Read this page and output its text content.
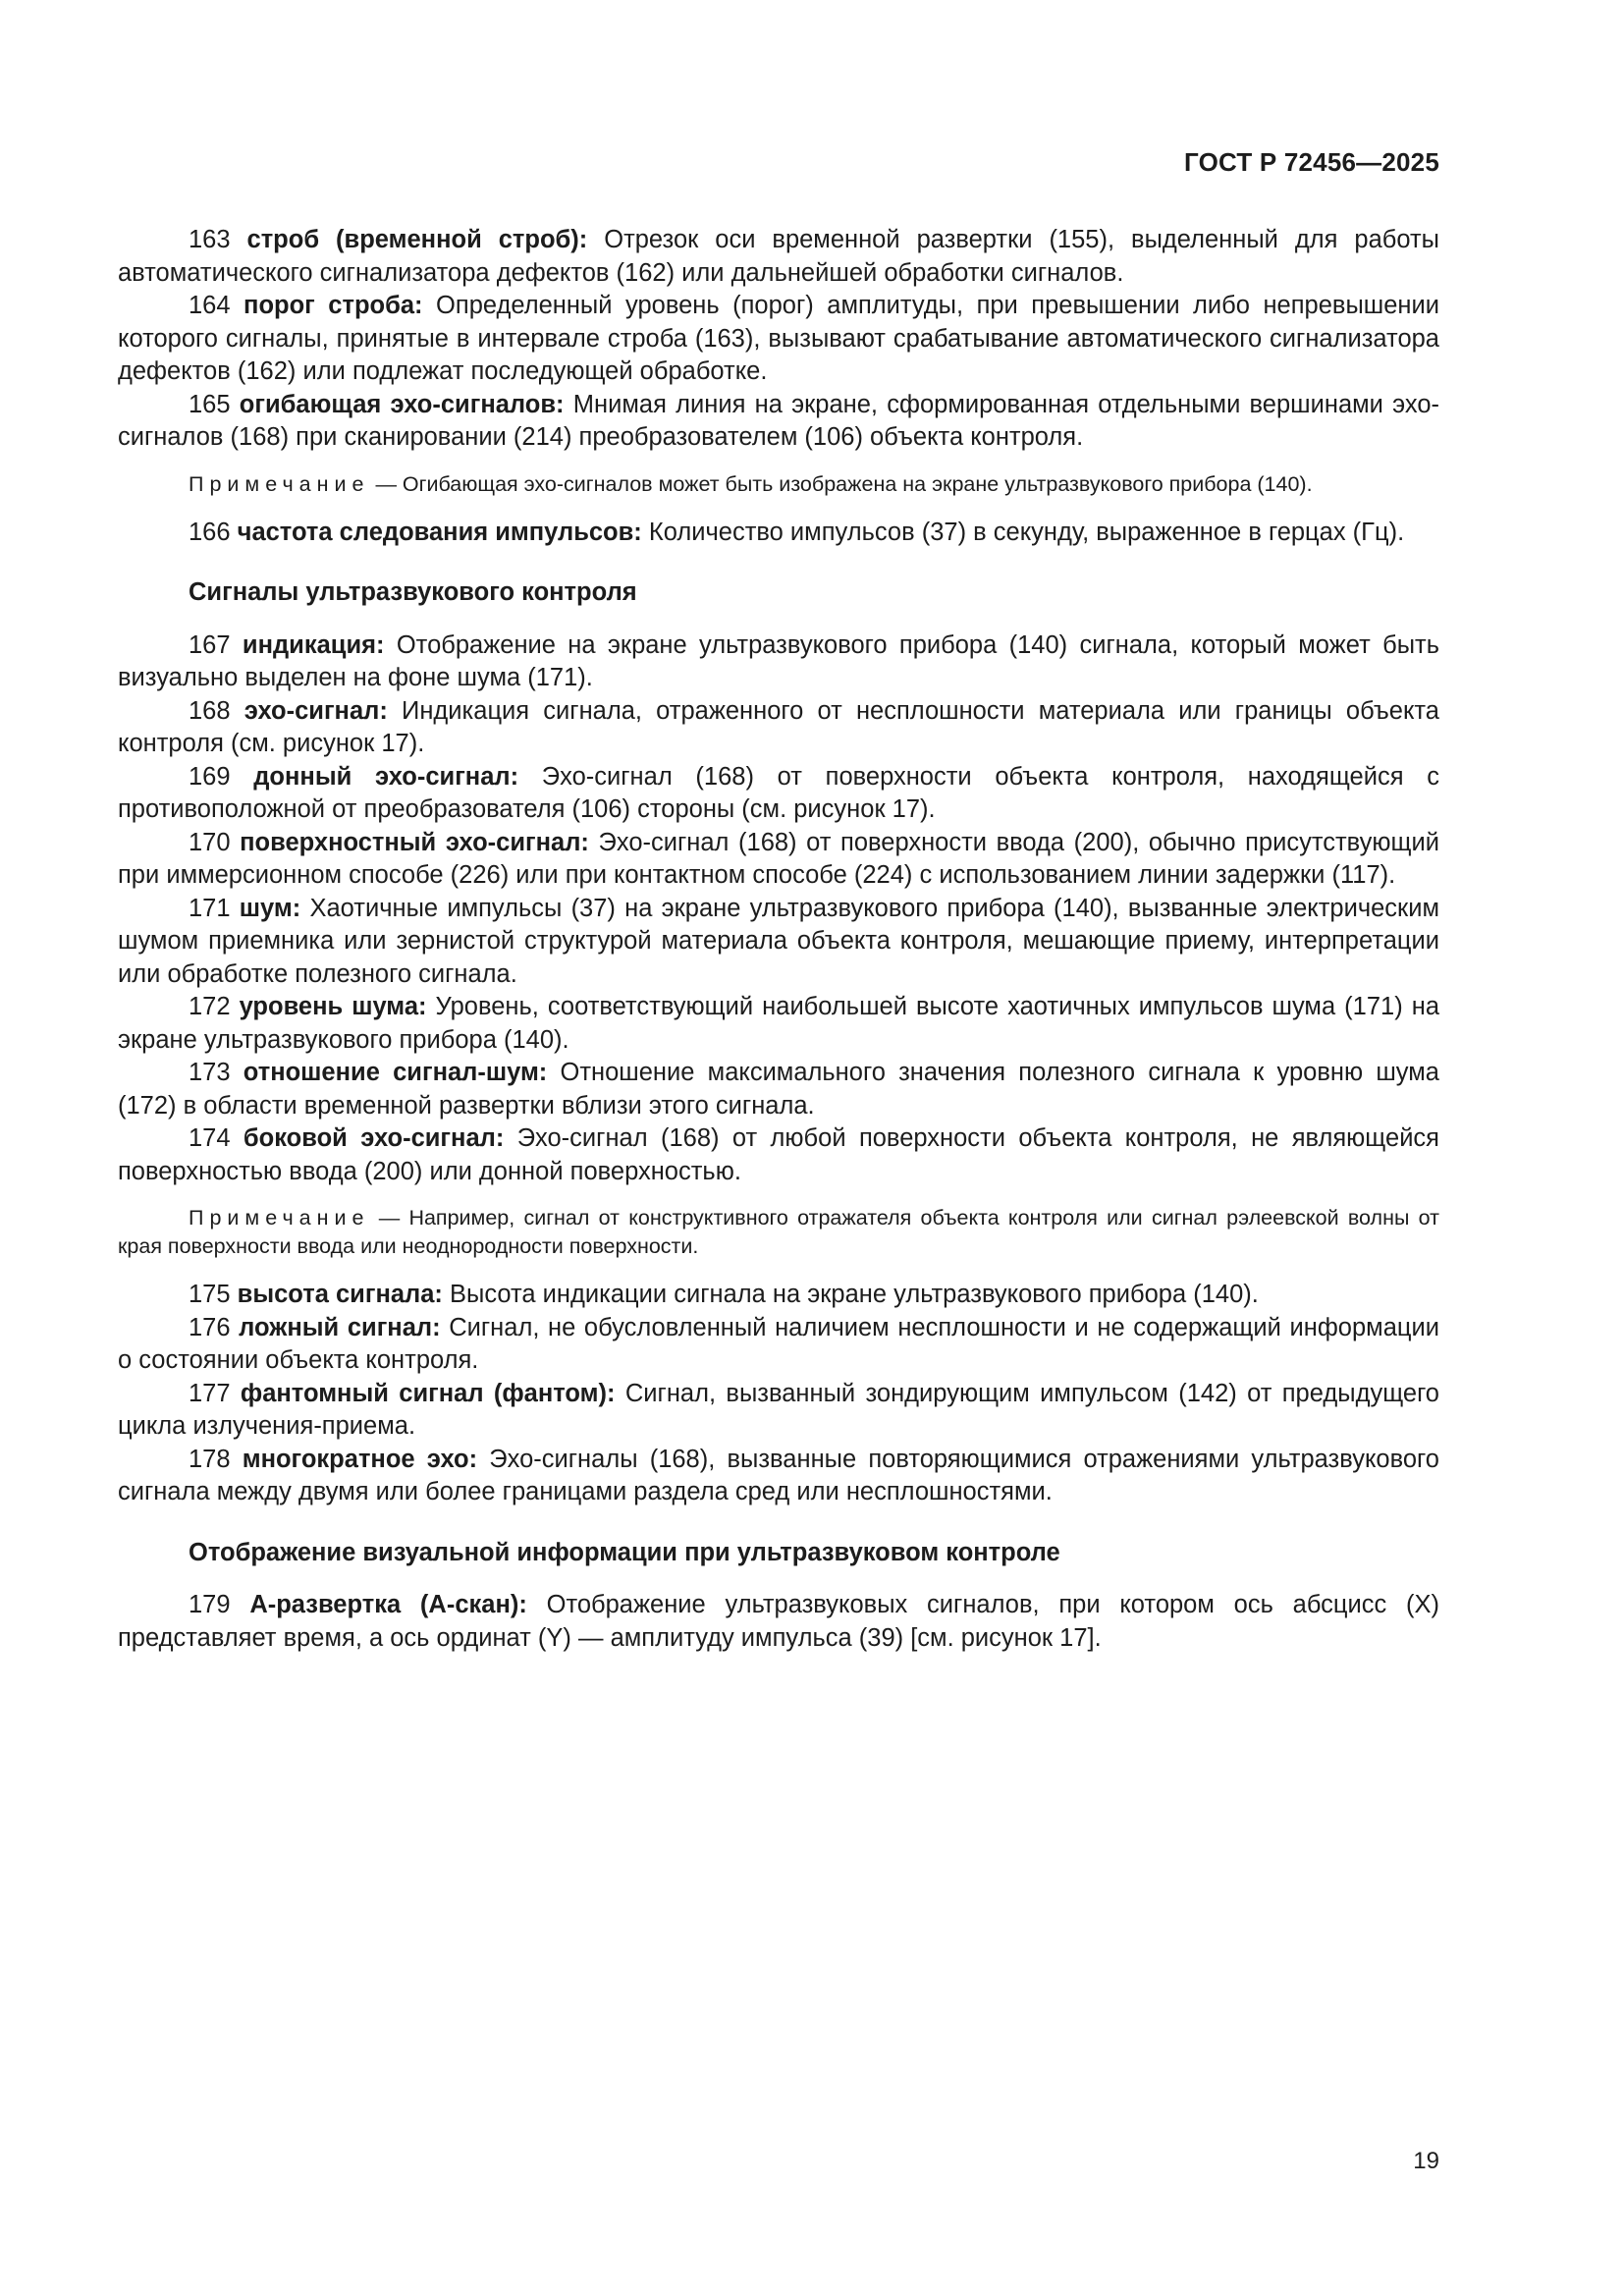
ГОСТ Р 72456—2025

163 строб (временной строб): Отрезок оси временной развертки (155), выделенный для работы автоматического сигнализатора дефектов (162) или дальнейшей обработки сигналов.

164 порог строба: Определенный уровень (порог) амплитуды, при превышении либо непревышении которого сигналы, принятые в интервале строба (163), вызывают срабатывание автоматического сигнализатора дефектов (162) или подлежат последующей обработке.

165 огибающая эхо-сигналов: Мнимая линия на экране, сформированная отдельными вершинами эхо-сигналов (168) при сканировании (214) преобразователем (106) объекта контроля.

Примечание — Огибающая эхо-сигналов может быть изображена на экране ультразвукового прибора (140).

166 частота следования импульсов: Количество импульсов (37) в секунду, выраженное в герцах (Гц).

Сигналы ультразвукового контроля

167 индикация: Отображение на экране ультразвукового прибора (140) сигнала, который может быть визуально выделен на фоне шума (171).

168 эхо-сигнал: Индикация сигнала, отраженного от несплошности материала или границы объекта контроля (см. рисунок 17).

169 донный эхо-сигнал: Эхо-сигнал (168) от поверхности объекта контроля, находящейся с противоположной от преобразователя (106) стороны (см. рисунок 17).

170 поверхностный эхо-сигнал: Эхо-сигнал (168) от поверхности ввода (200), обычно присутствующий при иммерсионном способе (226) или при контактном способе (224) с использованием линии задержки (117).

171 шум: Хаотичные импульсы (37) на экране ультразвукового прибора (140), вызванные электрическим шумом приемника или зернистой структурой материала объекта контроля, мешающие приему, интерпретации или обработке полезного сигнала.

172 уровень шума: Уровень, соответствующий наибольшей высоте хаотичных импульсов шума (171) на экране ультразвукового прибора (140).

173 отношение сигнал-шум: Отношение максимального значения полезного сигнала к уровню шума (172) в области временной развертки вблизи этого сигнала.

174 боковой эхо-сигнал: Эхо-сигнал (168) от любой поверхности объекта контроля, не являющейся поверхностью ввода (200) или донной поверхностью.

Примечание — Например, сигнал от конструктивного отражателя объекта контроля или сигнал рэлеевской волны от края поверхности ввода или неоднородности поверхности.

175 высота сигнала: Высота индикации сигнала на экране ультразвукового прибора (140).

176 ложный сигнал: Сигнал, не обусловленный наличием несплошности и не содержащий информации о состоянии объекта контроля.

177 фантомный сигнал (фантом): Сигнал, вызванный зондирующим импульсом (142) от предыдущего цикла излучения-приема.

178 многократное эхо: Эхо-сигналы (168), вызванные повторяющимися отражениями ультразвукового сигнала между двумя или более границами раздела сред или несплошностями.

Отображение визуальной информации при ультразвуковом контроле

179 А-развертка (А-скан): Отображение ультразвуковых сигналов, при котором ось абсцисс (X) представляет время, а ось ординат (Y) — амплитуду импульса (39) [см. рисунок 17].

19
